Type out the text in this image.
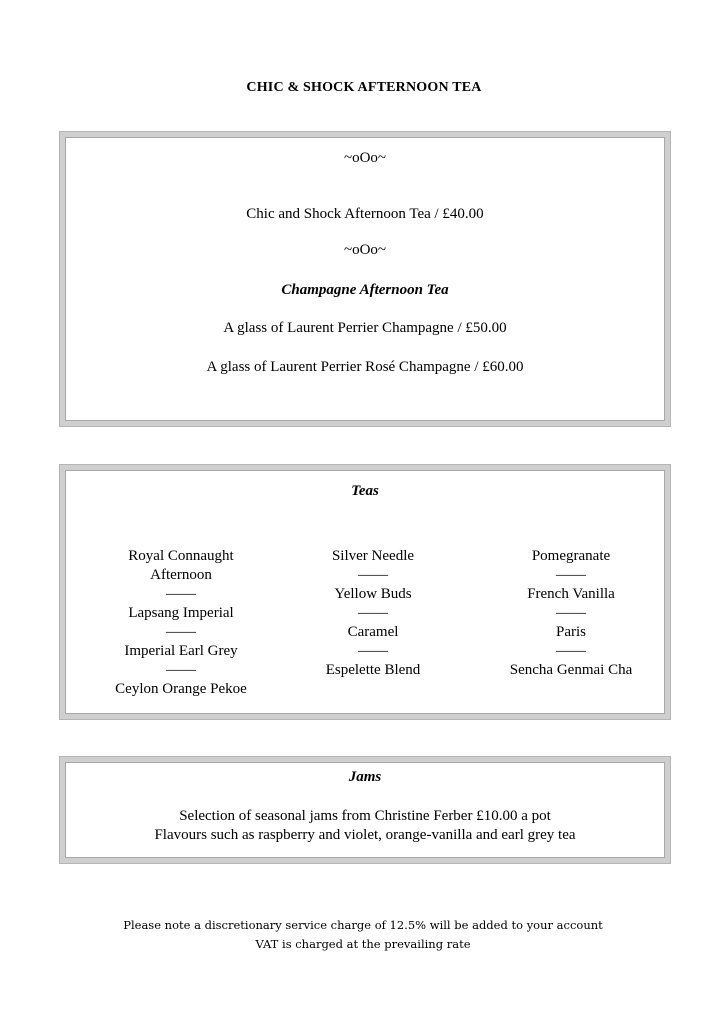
CHIC & SHOCK AFTERNOON TEA
~oOo~
Chic and Shock Afternoon Tea / £40.00
~oOo~
Champagne Afternoon Tea
A glass of Laurent Perrier Champagne / £50.00
A glass of Laurent Perrier Rosé Champagne / £60.00
Teas
Royal Connaught
Afternoon
——
Lapsang Imperial
——
Imperial Earl Grey
——
Ceylon Orange Pekoe
Silver Needle
——
Yellow Buds
——
Caramel
——
Espelette Blend
Pomegranate
——
French Vanilla
——
Paris
——
Sencha Genmai Cha
Jams
Selection of seasonal jams from Christine Ferber £10.00 a pot
Flavours such as raspberry and violet, orange-vanilla and earl grey tea
Please note a discretionary service charge of 12.5% will be added to your account
VAT is charged at the prevailing rate
